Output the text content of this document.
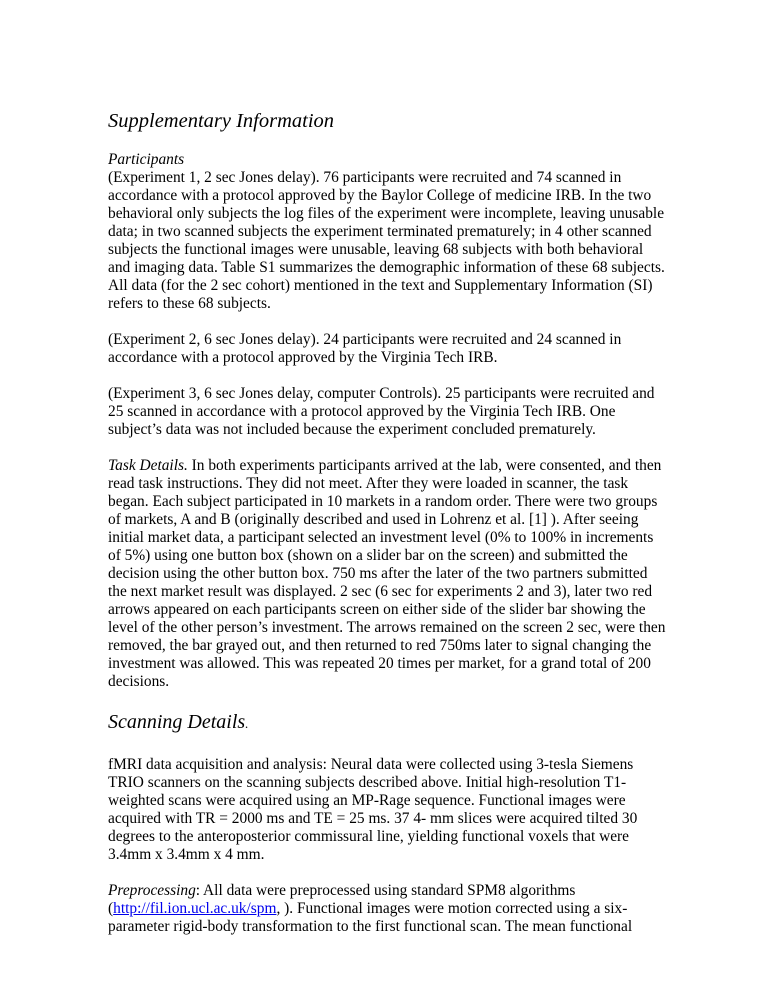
Supplementary Information

Participants
(Experiment 1, 2 sec Jones delay). 76 participants were recruited and 74 scanned in accordance with a protocol approved by the Baylor College of medicine IRB. In the two behavioral only subjects the log files of the experiment were incomplete, leaving unusable data; in two scanned subjects the experiment terminated prematurely; in 4 other scanned subjects the functional images were unusable, leaving 68 subjects with both behavioral and imaging data. Table S1 summarizes the demographic information of these 68 subjects. All data (for the 2 sec cohort) mentioned in the text and Supplementary Information (SI) refers to these 68 subjects.

(Experiment 2, 6 sec Jones delay). 24 participants were recruited and 24 scanned in accordance with a protocol approved by the Virginia Tech IRB.

(Experiment 3, 6 sec Jones delay, computer Controls). 25 participants were recruited and 25 scanned in accordance with a protocol approved by the Virginia Tech IRB. One subject’s data was not included because the experiment concluded prematurely.

Task Details. In both experiments participants arrived at the lab, were consented, and then read task instructions. They did not meet. After they were loaded in scanner, the task began. Each subject participated in 10 markets in a random order. There were two groups of markets, A and B (originally described and used in Lohrenz et al. [1] ). After seeing initial market data, a participant selected an investment level (0% to 100% in increments of 5%) using one button box (shown on a slider bar on the screen) and submitted the decision using the other button box. 750 ms after the later of the two partners submitted the next market result was displayed. 2 sec (6 sec for experiments 2 and 3), later two red arrows appeared on each participants screen on either side of the slider bar showing the level of the other person’s investment. The arrows remained on the screen 2 sec, were then removed, the bar grayed out, and then returned to red 750ms later to signal changing the investment was allowed. This was repeated 20 times per market, for a grand total of 200 decisions.

Scanning Details.

fMRI data acquisition and analysis: Neural data were collected using 3-tesla Siemens TRIO scanners on the scanning subjects described above. Initial high-resolution T1-weighted scans were acquired using an MP-Rage sequence. Functional images were acquired with TR = 2000 ms and TE = 25 ms. 37 4- mm slices were acquired tilted 30 degrees to the anteroposterior commissural line, yielding functional voxels that were 3.4mm x 3.4mm x 4 mm.

Preprocessing: All data were preprocessed using standard SPM8 algorithms (http://fil.ion.ucl.ac.uk/spm, ). Functional images were motion corrected using a six-parameter rigid-body transformation to the first functional scan. The mean functional
